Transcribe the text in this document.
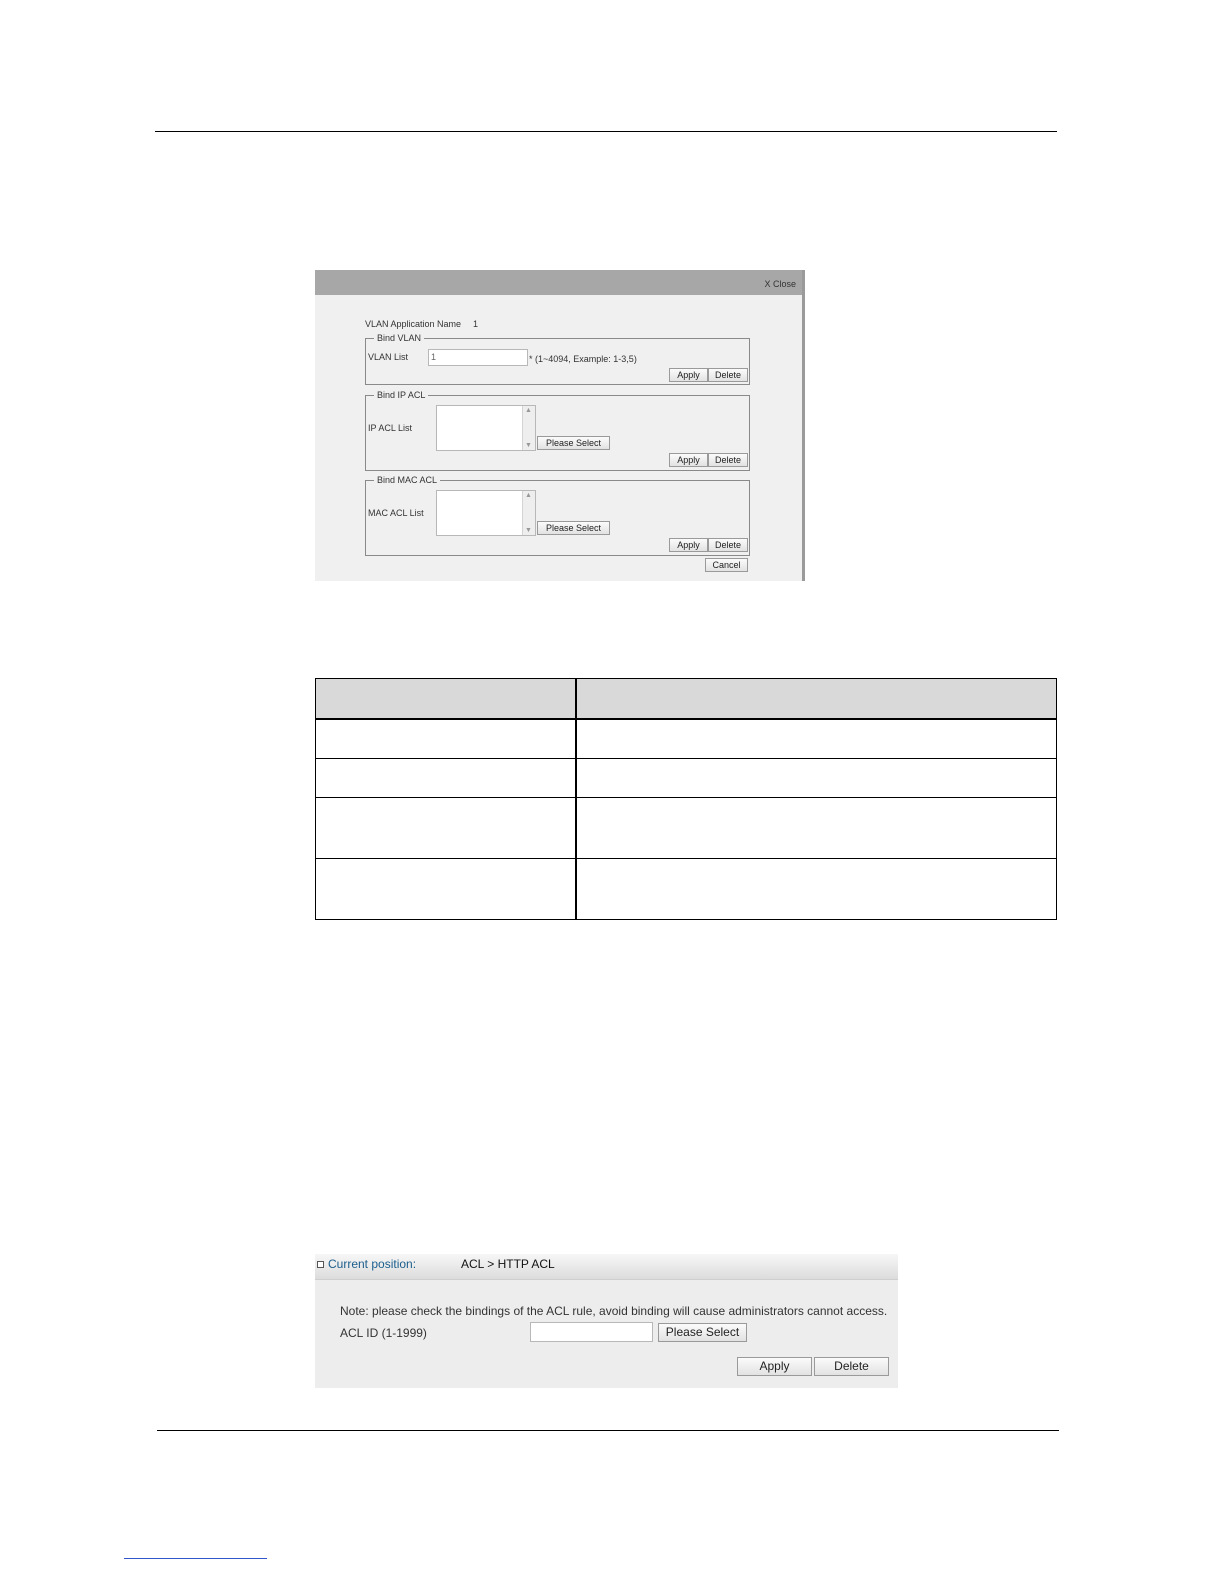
X Close
VLAN Application Name 1
Bind VLAN
VLAN List	1	* (1~4094, Example: 1-3,5)
Apply	Delete
Bind IP ACL
IP ACL List
▲
▼	Please Select
Apply	Delete
Bind MAC ACL
MAC ACL List
▲
▼	Please Select
Apply	Delete
Cancel

Current position:	ACL > HTTP ACL
Note: please check the bindings of the ACL rule, avoid binding will cause administrators cannot access.
ACL ID (1-1999)	Please Select
Apply	Delete
